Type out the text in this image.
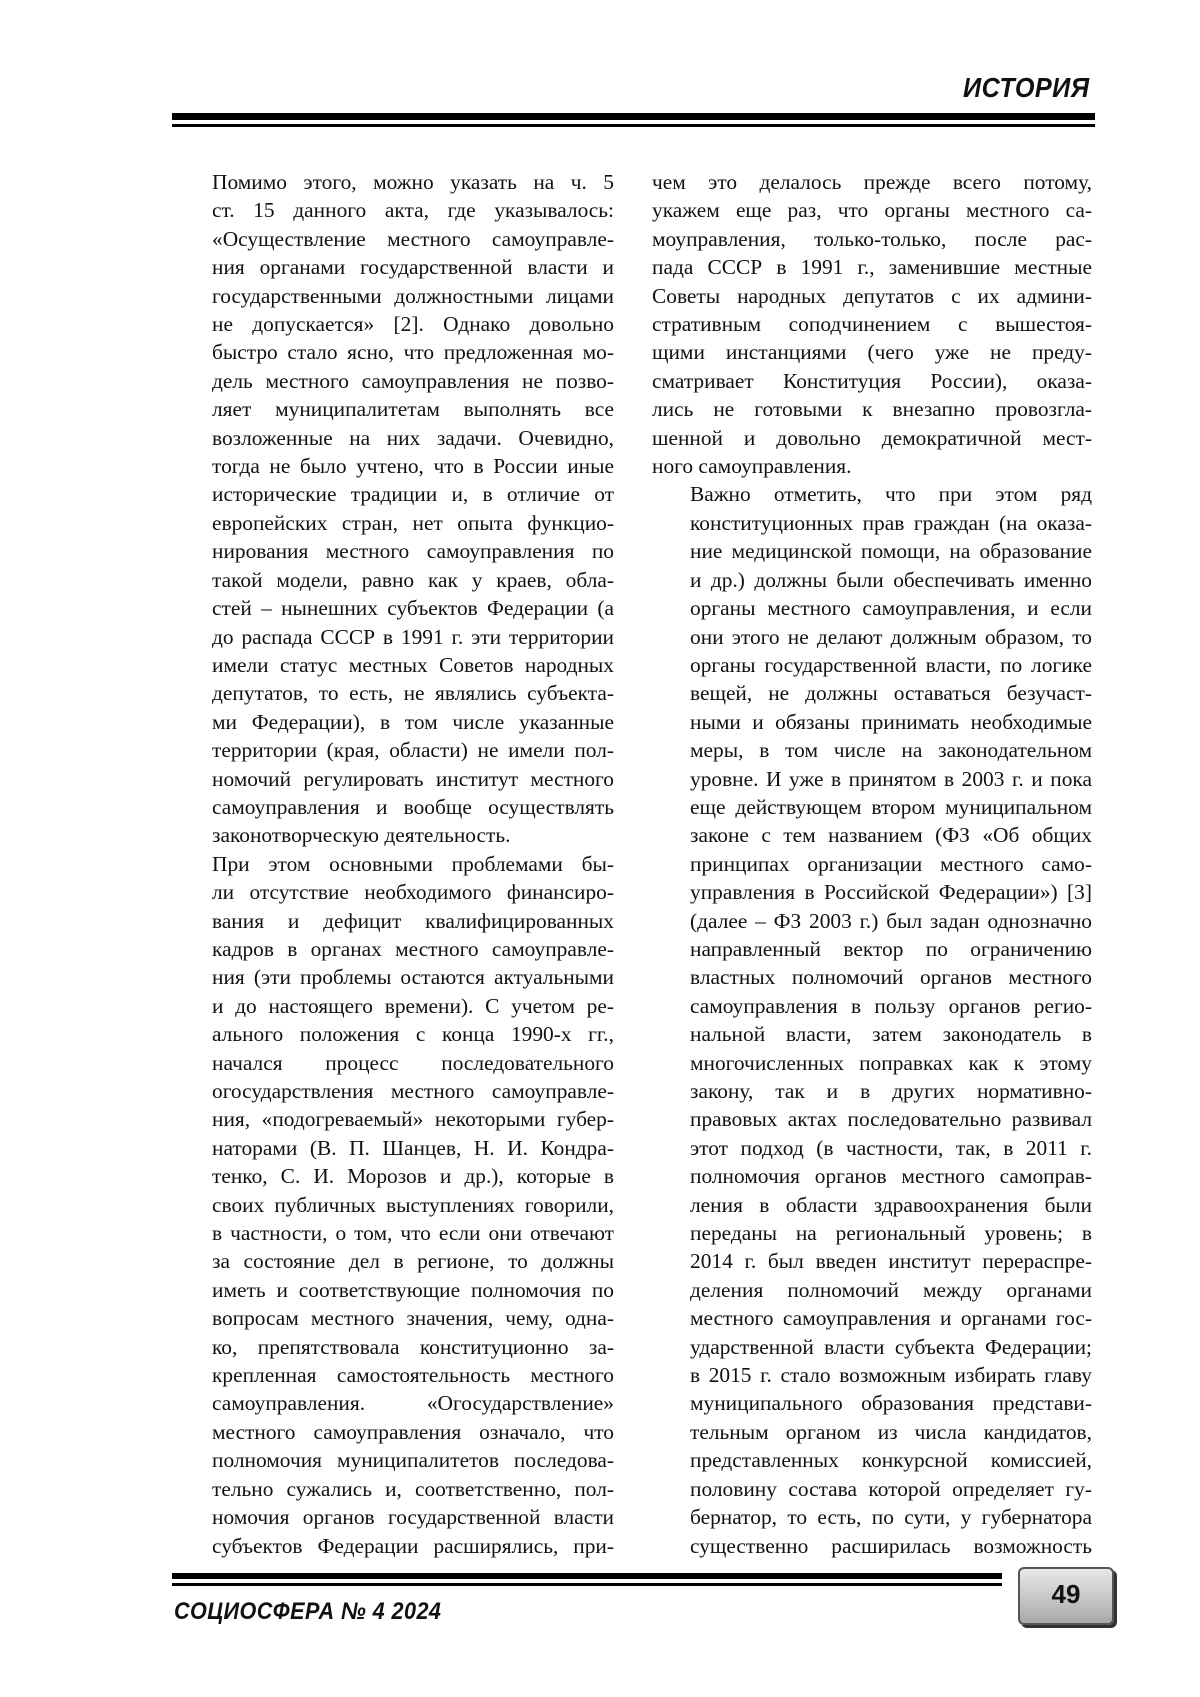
ИСТОРИЯ

Помимо этого, можно указать на ч. 5
ст. 15 данного акта, где указывалось:
«Осуществление местного самоуправле-
ния органами государственной власти и
государственными должностными лицами
не допускается» [2]. Однако довольно
быстро стало ясно, что предложенная мо-
дель местного самоуправления не позво-
ляет муниципалитетам выполнять все
возложенные на них задачи. Очевидно,
тогда не было учтено, что в России иные
исторические традиции и, в отличие от
европейских стран, нет опыта функцио-
нирования местного самоуправления по
такой модели, равно как у краев, обла-
стей – нынешних субъектов Федерации (а
до распада СССР в 1991 г. эти территории
имели статус местных Советов народных
депутатов, то есть, не являлись субъекта-
ми Федерации), в том числе указанные
территории (края, области) не имели пол-
номочий регулировать институт местного
самоуправления и вообще осуществлять
законотворческую деятельность.

При этом основными проблемами бы-
ли отсутствие необходимого финансиро-
вания и дефицит квалифицированных
кадров в органах местного самоуправле-
ния (эти проблемы остаются актуальными
и до настоящего времени). С учетом ре-
ального положения с конца 1990-х гг.,
начался процесс последовательного
огосударствления местного самоуправле-
ния, «подогреваемый» некоторыми губер-
наторами (В. П. Шанцев, Н. И. Кондра-
тенко, С. И. Морозов и др.), которые в
своих публичных выступлениях говорили,
в частности, о том, что если они отвечают
за состояние дел в регионе, то должны
иметь и соответствующие полномочия по
вопросам местного значения, чему, одна-
ко, препятствовала конституционно за-
крепленная самостоятельность местного
самоуправления. «Огосударствление»
местного самоуправления означало, что
полномочия муниципалитетов последова-
тельно сужались и, соответственно, пол-
номочия органов государственной власти
субъектов Федерации расширялись, при-

чем это делалось прежде всего потому,
укажем еще раз, что органы местного са-
моуправления, только-только, после рас-
пада СССР в 1991 г., заменившие местные
Советы народных депутатов с их админи-
стративным соподчинением с вышестоя-
щими инстанциями (чего уже не преду-
сматривает Конституция России), оказа-
лись не готовыми к внезапно провозгла-
шенной и довольно демократичной мест-
ного самоуправления.

Важно отметить, что при этом ряд
конституционных прав граждан (на оказа-
ние медицинской помощи, на образование
и др.) должны были обеспечивать именно
органы местного самоуправления, и если
они этого не делают должным образом, то
органы государственной власти, по логике
вещей, не должны оставаться безучаст-
ными и обязаны принимать необходимые
меры, в том числе на законодательном
уровне. И уже в принятом в 2003 г. и пока
еще действующем втором муниципальном
законе с тем названием (ФЗ «Об общих
принципах организации местного само-
управления в Российской Федерации») [3]
(далее – ФЗ 2003 г.) был задан однозначно
направленный вектор по ограничению
властных полномочий органов местного
самоуправления в пользу органов регио-
нальной власти, затем законодатель в
многочисленных поправках как к этому
закону, так и в других нормативно-
правовых актах последовательно развивал
этот подход (в частности, так, в 2011 г.
полномочия органов местного самоправ-
ления в области здравоохранения были
переданы на региональный уровень; в
2014 г. был введен институт перераспре-
деления полномочий между органами
местного самоуправления и органами гос-
ударственной власти субъекта Федерации;
в 2015 г. стало возможным избирать главу
муниципального образования представи-
тельным органом из числа кандидатов,
представленных конкурсной комиссией,
половину состава которой определяет гу-
бернатор, то есть, по сути, у губернатора
существенно расширилась возможность

СОЦИОСФЕРА № 4 2024
49
